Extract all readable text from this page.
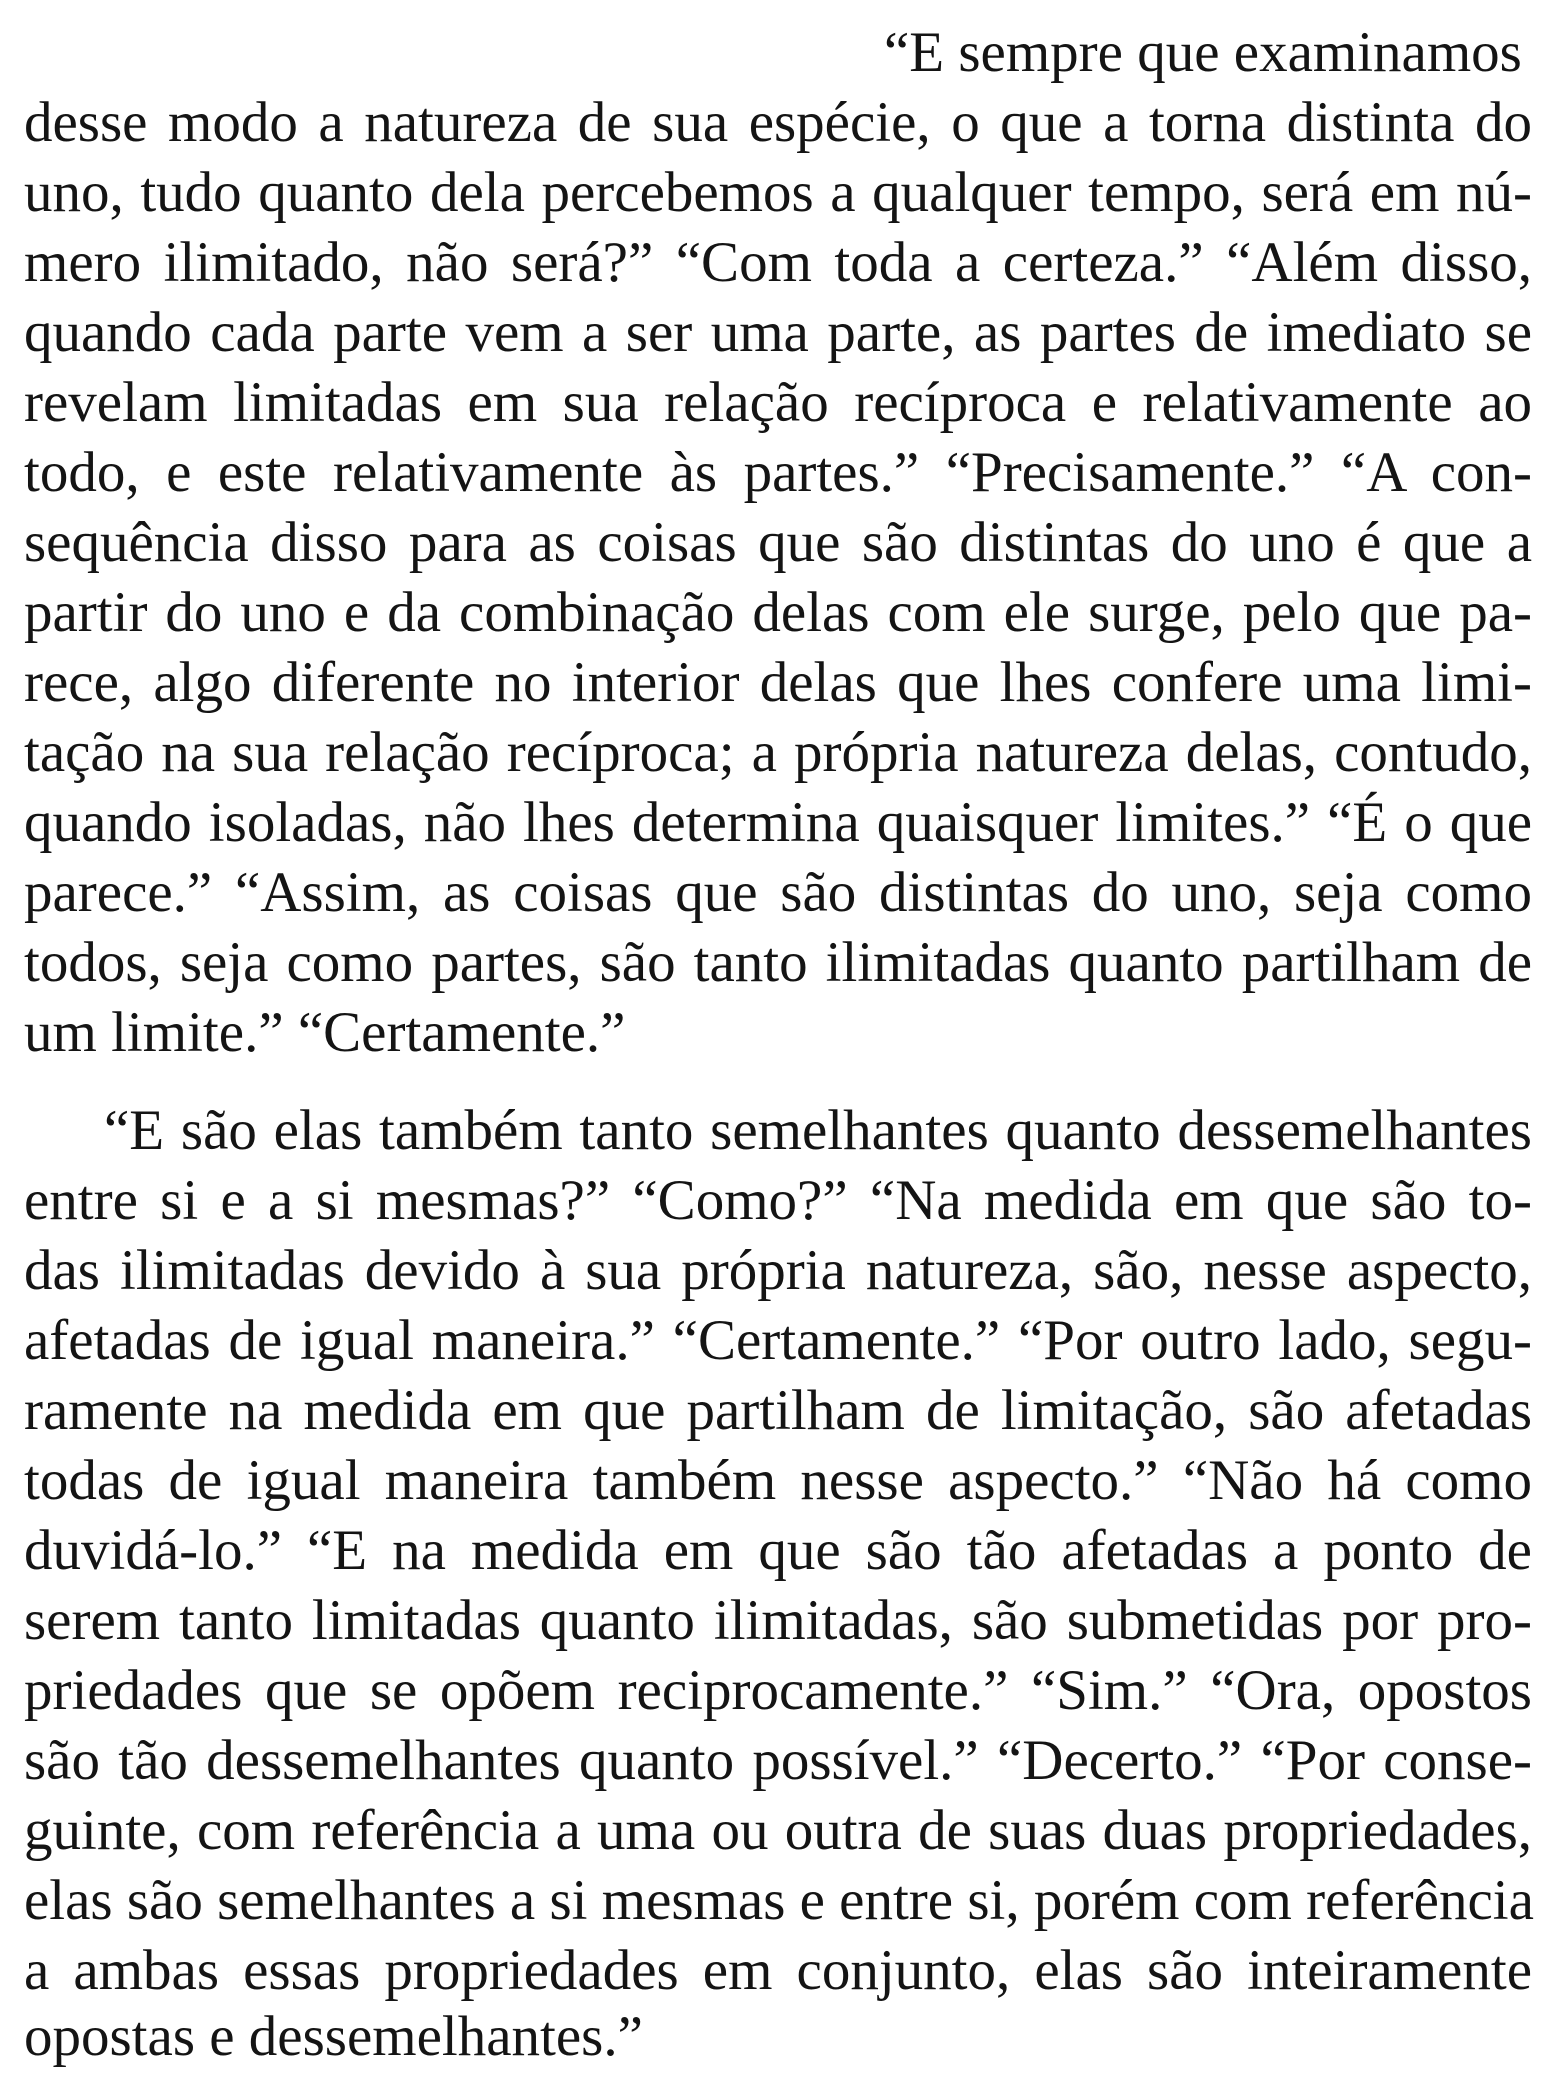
“E sempre que examinamos
desse modo a natureza de sua espécie, o que a torna distinta do
uno, tudo quanto dela percebemos a qualquer tempo, será em nú-
mero ilimitado, não será?” “Com toda a certeza.” “Além disso,
quando cada parte vem a ser uma parte, as partes de imediato se
revelam limitadas em sua relação recíproca e relativamente ao
todo, e este relativamente às partes.” “Precisamente.” “A con-
sequência disso para as coisas que são distintas do uno é que a
partir do uno e da combinação delas com ele surge, pelo que pa-
rece, algo diferente no interior delas que lhes confere uma limi-
tação na sua relação recíproca; a própria natureza delas, contudo,
quando isoladas, não lhes determina quaisquer limites.” “É o que
parece.” “Assim, as coisas que são distintas do uno, seja como
todos, seja como partes, são tanto ilimitadas quanto partilham de
um limite.” “Certamente.”
“E são elas também tanto semelhantes quanto dessemelhantes
entre si e a si mesmas?” “Como?” “Na medida em que são to-
das ilimitadas devido à sua própria natureza, são, nesse aspecto,
afetadas de igual maneira.” “Certamente.” “Por outro lado, segu-
ramente na medida em que partilham de limitação, são afetadas
todas de igual maneira também nesse aspecto.” “Não há como
duvidá-lo.” “E na medida em que são tão afetadas a ponto de
serem tanto limitadas quanto ilimitadas, são submetidas por pro-
priedades que se opõem reciprocamente.” “Sim.” “Ora, opostos
são tão dessemelhantes quanto possível.” “Decerto.” “Por conse-
guinte, com referência a uma ou outra de suas duas propriedades,
elas são semelhantes a si mesmas e entre si, porém com referência
a ambas essas propriedades em conjunto, elas são inteiramente
opostas e dessemelhantes.”
